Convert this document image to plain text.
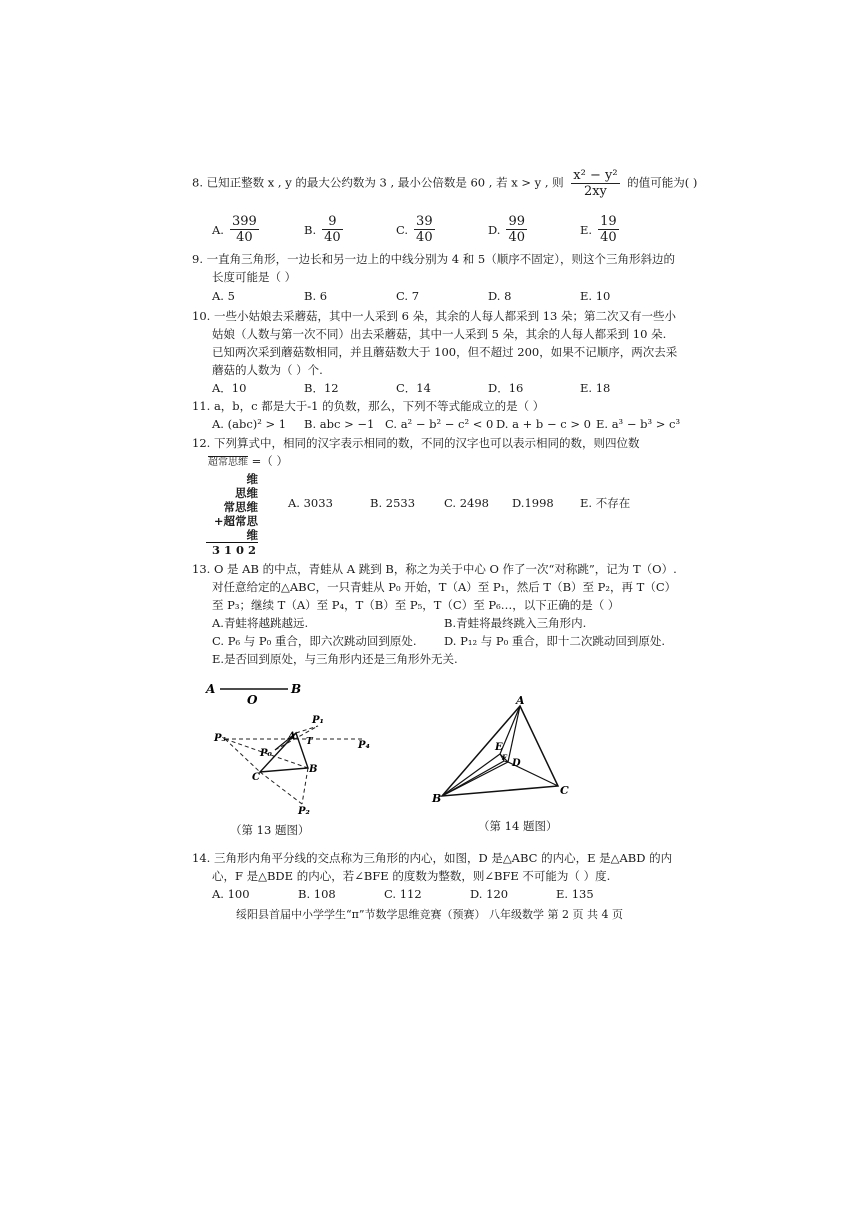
8. 已知正整数 x , y 的最大公约数为 3 , 最小公倍数是 60 , 若 x > y , 则 $\frac{\text{x² − y²}}{2xy}$ 的值可能为( )
A. $\frac{399}{40}$	B. $\frac{9}{40}$	C. $\frac{39}{40}$	D. $\frac{99}{40}$	E. $\frac{19}{40}$
9. 一直角三角形，一边长和另一边上的中线分别为 4 和 5（顺序不固定），则这个三角形斜边的
长度可能是（ ）
A. 5	B. 6	C. 7	D. 8	E. 10
10. 一些小姑娘去采蘑菇，其中一人采到 6 朵，其余的人每人都采到 13 朵；第二次又有一些小
姑娘（人数与第一次不同）出去采蘑菇，其中一人采到 5 朵，其余的人每人都采到 10 朵.
已知两次采到蘑菇数相同，并且蘑菇数大于 100，但不超过 200，如果不记顺序，两次去采
蘑菇的人数为（ ）个.
A．10	B．12	C．14	D．16	E. 18
11. a，b，c 都是大于-1 的负数，那么，下列不等式能成立的是（ ）
A. (abc)² > 1 B. abc > −1 C. a² − b² − c² < 0 D. a + b − c > 0 E. a³ − b³ > c³
12. 下列算式中，相同的汉字表示相同的数，不同的汉字也可以表示相同的数，则四位数
超常思维 =（ ）
维
思维
常思维
+超常思维
3 1 0 2
A. 3033	B. 2533	C. 2498 D.1998 E. 不存在
13. O 是 AB 的中点，青蛙从 A 跳到 B，称之为关于中心 O 作了一次“对称跳”，记为 T（O）.
对任意给定的△ABC，一只青蛙从 P₀ 开始，T（A）至 P₁，然后 T（B）至 P₂，再 T（C）
至 P₃；继续 T（A）至 P₄，T（B）至 P₅，T（C）至 P₆…，以下正确的是（ ）
A.青蛙将越跳越远.	B.青蛙将最终跳入三角形内.
C. P₆ 与 P₀ 重合，即六次跳动回到原处. D. P₁₂ 与 P₀ 重合，即十二次跳动回到原处.
E.是否回到原处，与三角形内还是三角形外无关.
A
O
B
P₁
P₃	A T	P₄
P₀
B
C
P₂
（第 13 题图）
A
E
F
D
B
C
（第 14 题图）
14. 三角形内角平分线的交点称为三角形的内心，如图，D 是△ABC 的内心，E 是△ABD 的内
心，F 是△BDE 的内心，若∠BFE 的度数为整数，则∠BFE 不可能为（ ）度.
A. 100	B. 108	C. 112	D. 120	E. 135
绥阳县首届中小学学生“π”节数学思维竞赛（预赛） 八年级数学 第 2 页 共 4 页
